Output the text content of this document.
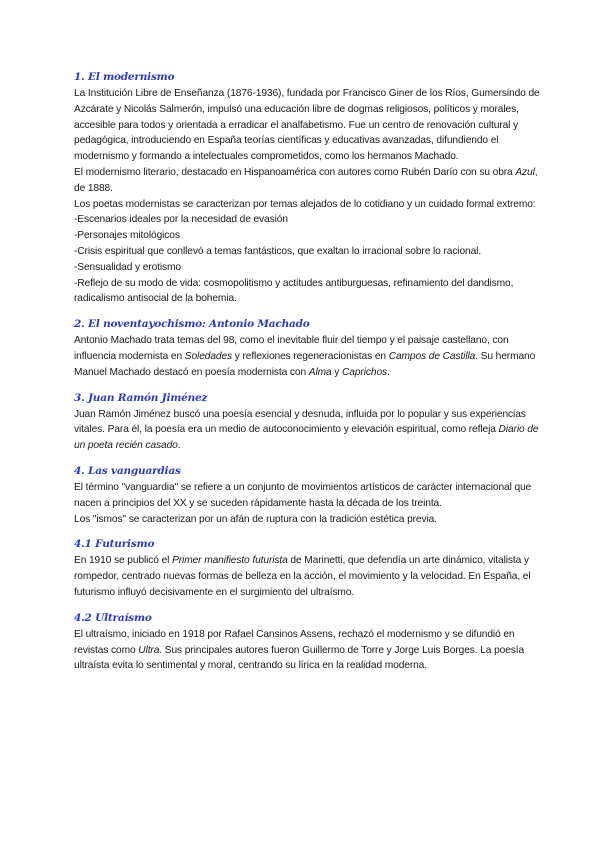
1. El modernismo

La Institución Libre de Enseñanza (1876-1936), fundada por Francisco Giner de los Ríos, Gumersindo de Azcárate y Nicolás Salmerón, impulsó una educación libre de dogmas religiosos, políticos y morales, accesible para todos y orientada a erradicar el analfabetismo. Fue un centro de renovación cultural y pedagógica, introduciendo en España teorías científicas y educativas avanzadas, difundiendo el modernismo y formando a intelectuales comprometidos, como los hermanos Machado.

El modernismo literario, destacado en Hispanoamérica con autores como Rubén Darío con su obra Azul, de 1888.

Los poetas modernistas se caracterizan por temas alejados de lo cotidiano y un cuidado formal extremo:

-Escenarios ideales por la necesidad de evasión

-Personajes mitológicos

-Crisis espiritual que conllevó a temas fantásticos, que exaltan lo irracional sobre lo racional.

-Sensualidad y erotismo

-Reflejo de su modo de vida: cosmopolitismo y actitudes antiburguesas, refinamiento del dandismo, radicalismo antisocial de la bohemia.

2. El noventayochismo: Antonio Machado

Antonio Machado trata temas del 98, como el inevitable fluir del tiempo y el paisaje castellano, con influencia modernista en Soledades y reflexiones regeneracionistas en Campos de Castilla. Su hermano Manuel Machado destacó en poesía modernista con Alma y Caprichos.

3. Juan Ramón Jiménez

Juan Ramón Jiménez buscó una poesía esencial y desnuda, influida por lo popular y sus experiencias vitales. Para él, la poesía era un medio de autoconocimiento y elevación espiritual, como refleja Diario de un poeta recién casado.

4. Las vanguardias

El término "vanguardia" se refiere a un conjunto de movimientos artísticos de carácter internacional que nacen a principios del XX y se suceden rápidamente hasta la década de los treinta.

Los "ismos" se caracterizan por un afán de ruptura con la tradición estética previa.

4.1 Futurismo

En 1910 se publicó el Primer manifiesto futurista de Marinetti, que defendía un arte dinámico, vitalista y rompedor, centrado nuevas formas de belleza en la acción, el movimiento y la velocidad. En España, el futurismo influyó decisivamente en el surgimiento del ultraísmo.

4.2 Ultraísmo

El ultraísmo, iniciado en 1918 por Rafael Cansinos Assens, rechazó el modernismo y se difundió en revistas como Ultra. Sus principales autores fueron Guillermo de Torre y Jorge Luis Borges. La poesía ultraísta evita lo sentimental y moral, centrando su lírica en la realidad moderna.
